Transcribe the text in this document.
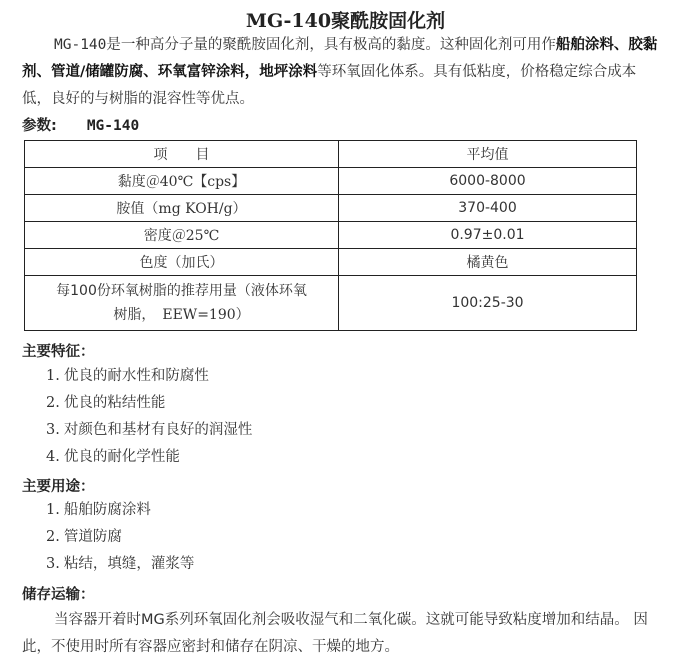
MG-140聚酰胺固化剂
MG-140是一种高分子量的聚酰胺固化剂，具有极高的黏度。这种固化剂可用作船舶涂料、胶黏剂、管道/储罐防腐、环氧富锌涂料，地坪涂料等环氧固化体系。具有低粘度，价格稳定综合成本低，良好的与树脂的混容性等优点。
参数: MG-140
项　　目	平均值
黏度＠40℃【cps】	6000-8000
胺值（mg KOH/g）	370-400
密度＠25℃	0.97±0.01
色度（加氏）	橘黄色

每100份环氧树脂的推荐用量（液体环氧
树脂，　EEW=190）	100:25-30
主要特征：
1. 优良的耐水性和防腐性
2. 优良的粘结性能
3. 对颜色和基材有良好的润湿性
4. 优良的耐化学性能
主要用途：
1. 船舶防腐涂料
2. 管道防腐
3. 粘结，填缝，灌浆等
储存运输：
当容器开着时MG系列环氧固化剂会吸收湿气和二氧化碳。这就可能导致粘度增加和结晶。 因此，不使用时所有容器应密封和储存在阴凉、干燥的地方。
